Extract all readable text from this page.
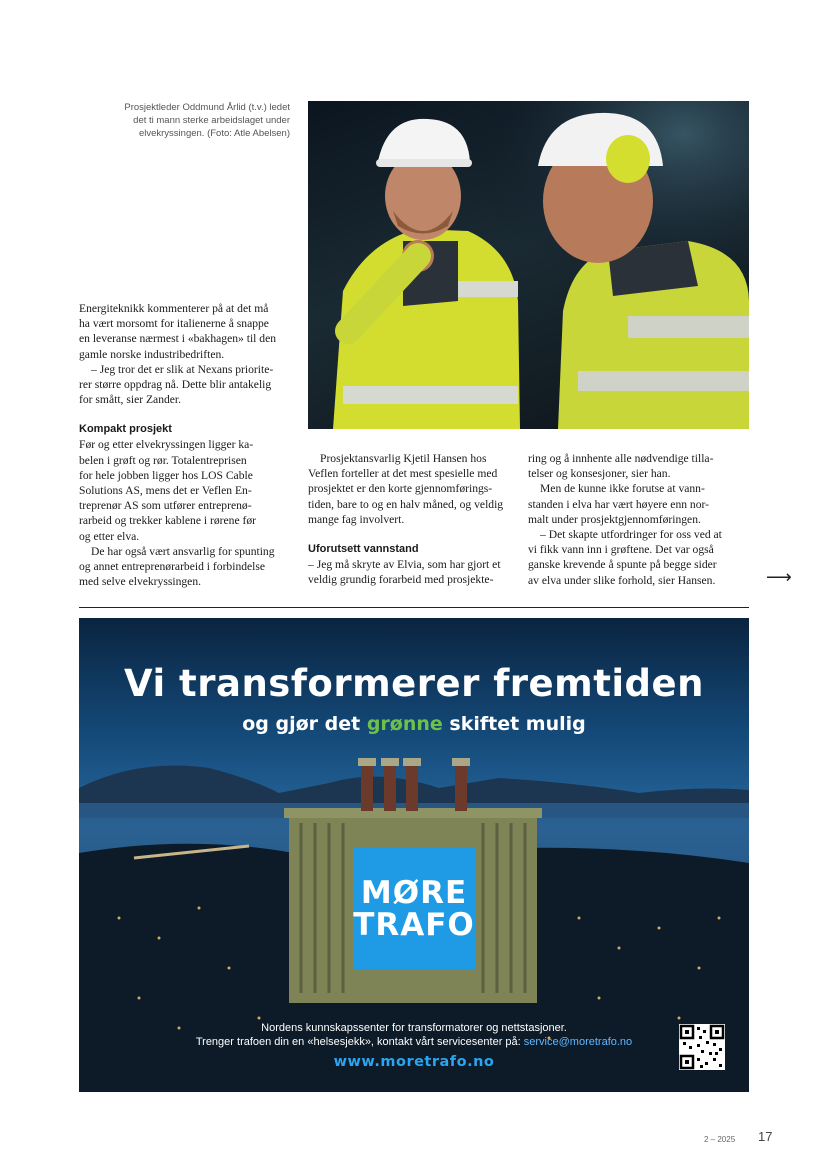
Prosjektleder Oddmund Årlid (t.v.) ledet
det ti mann sterke arbeidslaget under
elvekryssingen. (Foto: Atle Abelsen)

Energiteknikk kommenterer på at det må
ha vært morsomt for italienerne å snappe
en leveranse nærmest i «bakhagen» til den
gamle norske industribedriften.

– Jeg tror det er slik at Nexans priorite-
rer større oppdrag nå. Dette blir antakelig
for smått, sier Zander.

Kompakt prosjekt

Før og etter elvekryssingen ligger ka-
belen i grøft og rør. Totalentreprisen
for hele jobben ligger hos LOS Cable
Solutions AS, mens det er Veflen En-
treprenør AS som utfører entreprenø-
rarbeid og trekker kablene i rørene før
og etter elva.

De har også vært ansvarlig for spunting
og annet entreprenørarbeid i forbindelse
med selve elvekryssingen.

Prosjektansvarlig Kjetil Hansen hos
Veflen forteller at det mest spesielle med
prosjektet er den korte gjennomførings-
tiden, bare to og en halv måned, og veldig
mange fag involvert.

Uforutsett vannstand

– Jeg må skryte av Elvia, som har gjort et
veldig grundig forarbeid med prosjekte-

ring og å innhente alle nødvendige tilla-
telser og konsesjoner, sier han.

Men de kunne ikke forutse at vann-
standen i elva har vært høyere enn nor-
malt under prosjektgjennomføringen.

– Det skapte utfordringer for oss ved at
vi fikk vann inn i grøftene. Det var også
ganske krevende å spunte på begge sider
av elva under slike forhold, sier Hansen.	⟶
Vi transformerer fremtiden
og gjør det grønne skiftet mulig
MØRE
TRAFO
Nordens kunnskapssenter for transformatorer og nettstasjoner.
Trenger trafoen din en «helsesjekk», kontakt vårt servicesenter på: service@moretrafo.no
www.moretrafo.no
2 – 2025 17
